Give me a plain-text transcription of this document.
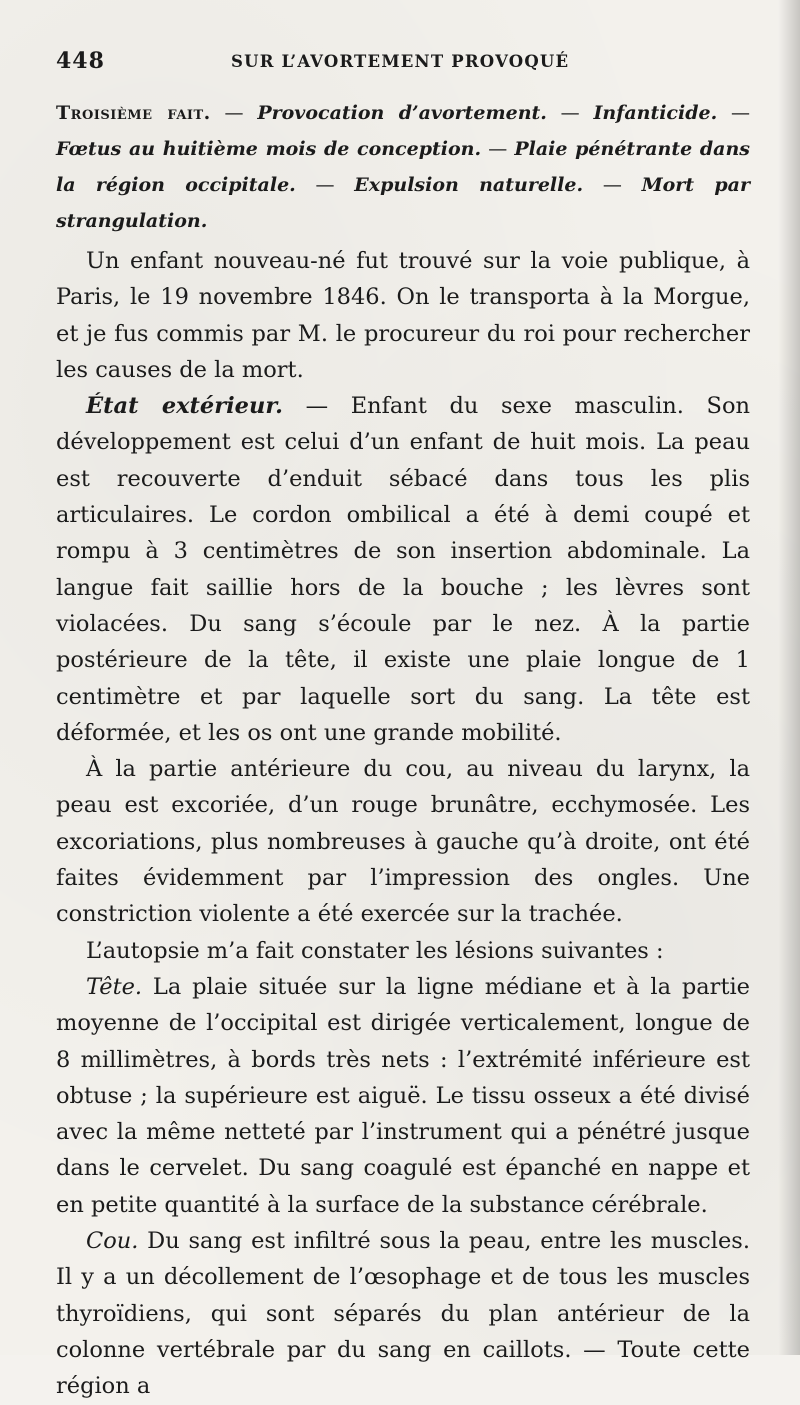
448	SUR L’AVORTEMENT PROVOQUÉ

Troisième fait. — Provocation d’avortement. — Infanticide. — Fœtus au huitième mois de conception. — Plaie pénétrante dans la région occipitale. — Expulsion naturelle. — Mort par strangulation.

Un enfant nouveau-né fut trouvé sur la voie publique, à Paris, le 19 novembre 1846. On le transporta à la Morgue, et je fus commis par M. le procureur du roi pour rechercher les causes de la mort.

État extérieur. — Enfant du sexe masculin. Son développement est celui d’un enfant de huit mois. La peau est recouverte d’enduit sébacé dans tous les plis articulaires. Le cordon ombilical a été à demi coupé et rompu à 3 centimètres de son insertion abdominale. La langue fait saillie hors de la bouche ; les lèvres sont violacées. Du sang s’écoule par le nez. À la partie postérieure de la tête, il existe une plaie longue de 1 centimètre et par laquelle sort du sang. La tête est déformée, et les os ont une grande mobilité.

À la partie antérieure du cou, au niveau du larynx, la peau est excoriée, d’un rouge brunâtre, ecchymosée. Les excoriations, plus nombreuses à gauche qu’à droite, ont été faites évidemment par l’impression des ongles. Une constriction violente a été exercée sur la trachée.

L’autopsie m’a fait constater les lésions suivantes :

Tête. La plaie située sur la ligne médiane et à la partie moyenne de l’occipital est dirigée verticalement, longue de 8 millimètres, à bords très nets : l’extrémité inférieure est obtuse ; la supérieure est aiguë. Le tissu osseux a été divisé avec la même netteté par l’instrument qui a pénétré jusque dans le cervelet. Du sang coagulé est épanché en nappe et en petite quantité à la surface de la substance cérébrale.

Cou. Du sang est infiltré sous la peau, entre les muscles. Il y a un décollement de l’œsophage et de tous les muscles thyroïdiens, qui sont séparés du plan antérieur de la colonne vertébrale par du sang en caillots. — Toute cette région a
